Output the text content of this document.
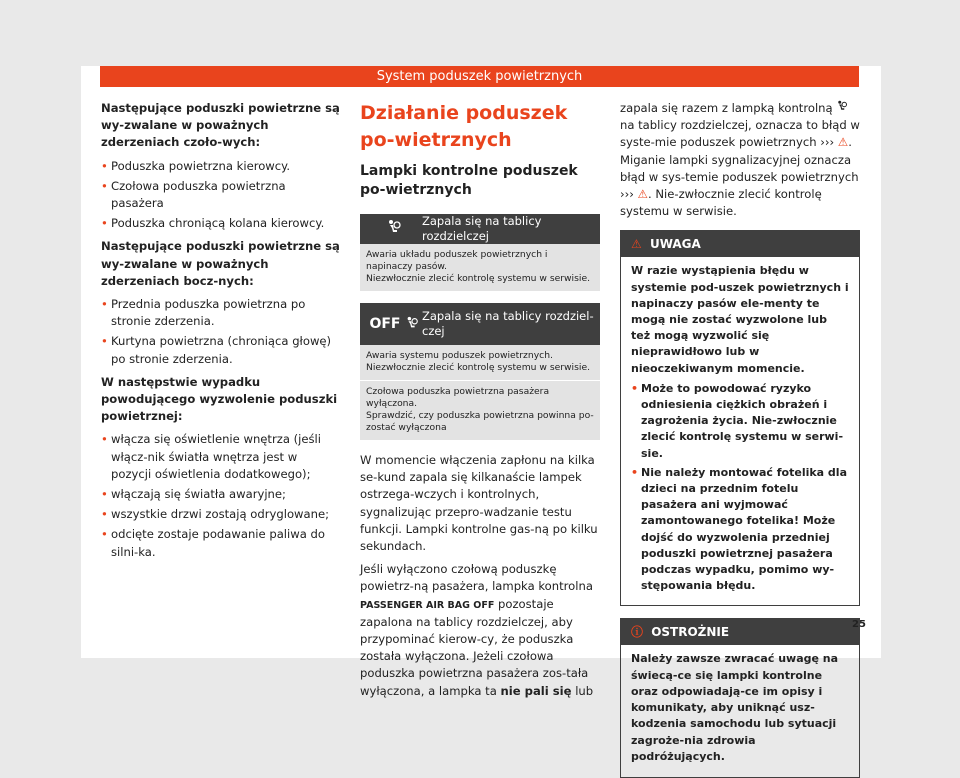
System poduszek powietrznych

Następujące poduszki powietrzne są wy-zwalane w poważnych zderzeniach czoło-wych:

• Poduszka powietrzna kierowcy.
• Czołowa poduszka powietrzna pasażera
• Poduszka chroniącą kolana kierowcy.

Następujące poduszki powietrzne są wy-zwalane w poważnych zderzeniach bocz-nych:

• Przednia poduszka powietrzna po stronie zderzenia.
• Kurtyna powietrzna (chroniąca głowę) po stronie zderzenia.

W następstwie wypadku powodującego wyzwolenie poduszki powietrznej:

• włącza się oświetlenie wnętrza (jeśli włącz-nik światła wnętrza jest w pozycji oświetlenia dodatkowego);
• włączają się światła awaryjne;
• wszystkie drzwi zostają odryglowane;
• odcięte zostaje podawanie paliwa do silni-ka.
Działanie poduszek po-wietrznych
Lampki kontrolne poduszek po-wietrznych
Zapala się na tablicy rozdzielczej
Awaria układu poduszek powietrznych i napinaczy pasów.
Niezwłocznie zlecić kontrolę systemu w serwisie.
OFF	Zapala się na tablicy rozdziel-czej
Awaria systemu poduszek powietrznych.
Niezwłocznie zlecić kontrolę systemu w serwisie.
Czołowa poduszka powietrzna pasażera wyłączona.
Sprawdzić, czy poduszka powietrzna powinna po-zostać wyłączona

W momencie włączenia zapłonu na kilka se-kund zapala się kilkanaście lampek ostrzega-wczych i kontrolnych, sygnalizując przepro-wadzanie testu funkcji. Lampki kontrolne gas-ną po kilku sekundach.

Jeśli wyłączono czołową poduszkę powietrz-ną pasażera, lampka kontrolna PASSENGER AIR BAG OFF pozostaje zapalona na tablicy rozdzielczej, aby przypominać kierow-cy, że poduszka została wyłączona. Jeżeli czołowa poduszka powietrzna pasażera zos-tała wyłączona, a lampka ta nie pali się lub

zapala się razem z lampką kontrolną  na tablicy rozdzielczej, oznacza to błąd w syste-mie poduszek powietrznych ››› ⚠. Miganie lampki sygnalizacyjnej oznacza błąd w sys-temie poduszek powietrznych ››› ⚠. Nie-zwłocznie zlecić kontrolę systemu w serwisie.

⚠ UWAGA

W razie wystąpienia błędu w systemie pod-uszek powietrznych i napinaczy pasów ele-menty te mogą nie zostać wyzwolone lub też mogą wyzwolić się nieprawidłowo lub w nieoczekiwanym momencie.

• Może to powodować ryzyko odniesienia ciężkich obrażeń i zagrożenia życia. Nie-zwłocznie zlecić kontrolę systemu w serwi-sie.
• Nie należy montować fotelika dla dzieci na przednim fotelu pasażera ani wyjmować zamontowanego fotelika! Może dojść do wyzwolenia przedniej poduszki powietrznej pasażera podczas wypadku, pomimo wy-stępowania błędu.
ⓘ OSTROŻNIE

Należy zawsze zwracać uwagę na świecą-ce się lampki kontrolne oraz odpowiadają-ce im opisy i komunikaty, aby uniknąć usz-kodzenia samochodu lub sytuacji zagroże-nia zdrowia podróżujących.

25
